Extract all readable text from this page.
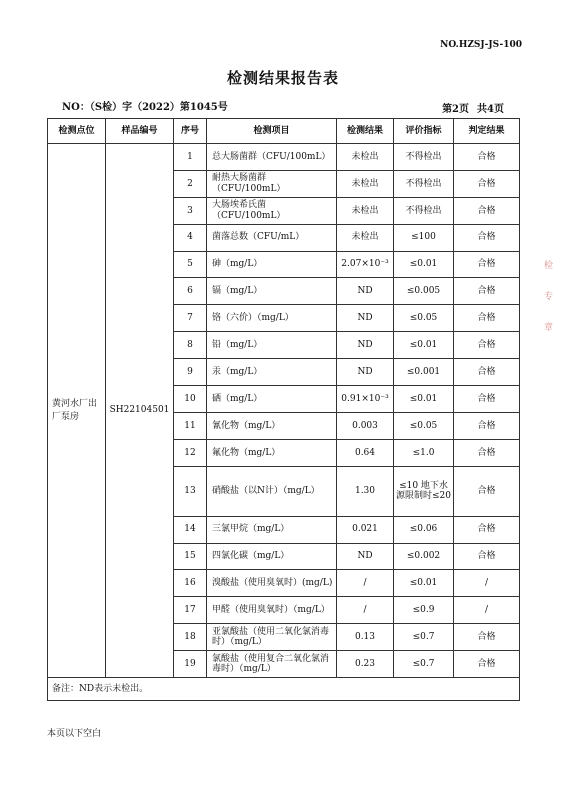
NO.HZSJ-JS-100
检测结果报告表
NO：（S检）字（2022）第1045号	第2页 共4页
检测点位	样品编号	序号	检测项目	检测结果	评价指标	判定结果
黄河水厂出厂泵房	SH22104501	1	总大肠菌群（CFU/100mL）	未检出	不得检出	合格
		2	耐热大肠菌群（CFU/100mL）	未检出	不得检出	合格
		3	大肠埃希氏菌（CFU/100mL）	未检出	不得检出	合格
		4	菌落总数（CFU/mL）	未检出	≤100	合格
		5	砷（mg/L）	2.07×10⁻³	≤0.01	合格
		6	镉（mg/L）	ND	≤0.005	合格
		7	铬（六价）（mg/L）	ND	≤0.05	合格
		8	铅（mg/L）	ND	≤0.01	合格
		9	汞（mg/L）	ND	≤0.001	合格
		10	硒（mg/L）	0.91×10⁻³	≤0.01	合格
		11	氰化物（mg/L）	0.003	≤0.05	合格
		12	氟化物（mg/L）	0.64	≤1.0	合格
		13	硝酸盐（以N计）（mg/L）	1.30	≤10 地下水源限制时≤20	合格
		14	三氯甲烷（mg/L）	0.021	≤0.06	合格
		15	四氯化碳（mg/L）	ND	≤0.002	合格
		16	溴酸盐（使用臭氧时）(mg/L)	/	≤0.01	/
		17	甲醛（使用臭氧时）（mg/L）	/	≤0.9	/
		18	亚氯酸盐（使用二氧化氯消毒时）（mg/L）	0.13	≤0.7	合格
		19	氯酸盐（使用复合二氧化氯消毒时）（mg/L）	0.23	≤0.7	合格
备注：ND表示未检出。						
本页以下空白
检
专
章
